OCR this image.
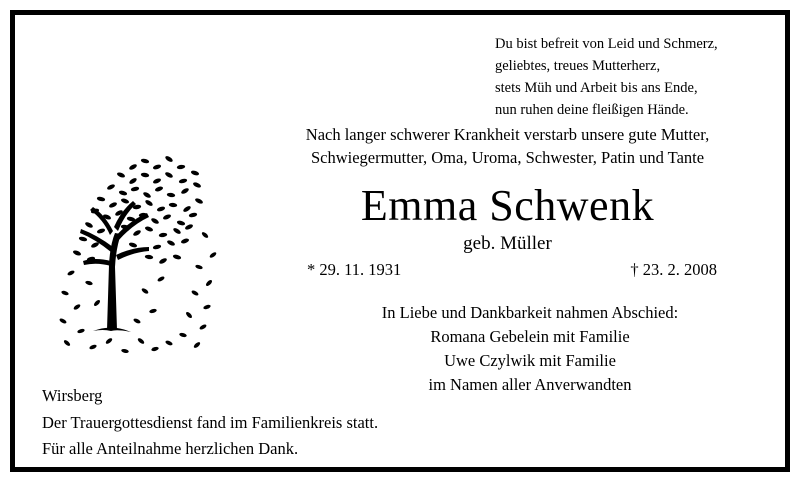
Du bist befreit von Leid und Schmerz,
geliebtes, treues Mutterherz,
stets Müh und Arbeit bis ans Ende,
nun ruhen deine fleißigen Hände.
Nach langer schwerer Krankheit verstarb unsere gute Mutter,
Schwiegermutter, Oma, Uroma, Schwester, Patin und Tante
Emma Schwenk
geb. Müller
* 29. 11. 1931	† 23. 2. 2008
In Liebe und Dankbarkeit nahmen Abschied:
Romana Gebelein mit Familie
Uwe Czylwik mit Familie
im Namen aller Anverwandten
Wirsberg
Der Trauergottesdienst fand im Familienkreis statt.
Für alle Anteilnahme herzlichen Dank.
